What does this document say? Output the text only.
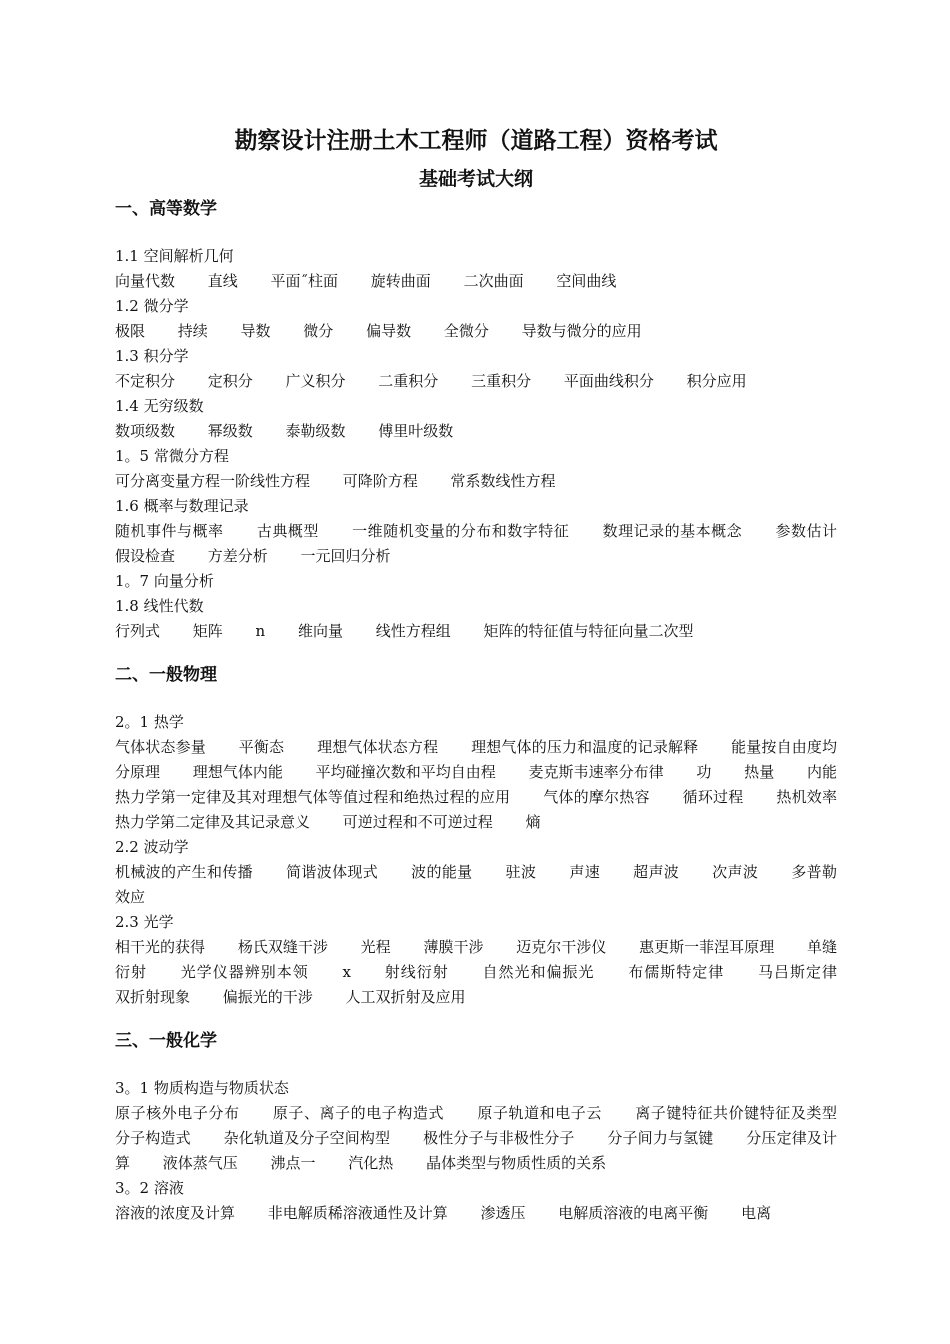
勘察设计注册土木工程师（道路工程）资格考试
基础考试大纲
一、高等数学

1.1 空间解析几何

向量代数 直线 平面˝柱面 旋转曲面 二次曲面 空间曲线

1.2 微分学

极限 持续 导数 微分 偏导数 全微分 导数与微分的应用

1.3 积分学

不定积分 定积分 广义积分 二重积分 三重积分 平面曲线积分 积分应用

1.4 无穷级数

数项级数 幂级数 泰勒级数 傅里叶级数

1。5 常微分方程

可分离变量方程一阶线性方程 可降阶方程 常系数线性方程

1.6 概率与数理记录

随机事件与概率 古典概型 一维随机变量的分布和数字特征 数理记录的基本概念 参数估计 假设检查 方差分析 一元回归分析

1。7 向量分析

1.8 线性代数

行列式 矩阵 n 维向量 线性方程组 矩阵的特征值与特征向量二次型

二、一般物理

2。1 热学

气体状态参量 平衡态 理想气体状态方程 理想气体的压力和温度的记录解释 能量按自由度均分原理 理想气体内能 平均碰撞次数和平均自由程 麦克斯韦速率分布律 功 热量 内能 热力学第一定律及其对理想气体等值过程和绝热过程的应用 气体的摩尔热容 循环过程 热机效率 热力学第二定律及其记录意义 可逆过程和不可逆过程 熵

2.2 波动学

机械波的产生和传播 简谐波体现式 波的能量 驻波 声速 超声波 次声波 多普勒效应

2.3 光学

相干光的获得 杨氏双缝干涉 光程 薄膜干涉 迈克尔干涉仪 惠更斯一菲涅耳原理 单缝衍射 光学仪器辨别本领 x 射线衍射 自然光和偏振光 布儒斯特定律 马吕斯定律 双折射现象 偏振光的干涉 人工双折射及应用

三、一般化学

3。1 物质构造与物质状态

原子核外电子分布 原子、离子的电子构造式 原子轨道和电子云 离子键特征共价键特征及类型 分子构造式 杂化轨道及分子空间构型 极性分子与非极性分子 分子间力与氢键 分压定律及计算 液体蒸气压 沸点一 汽化热 晶体类型与物质性质的关系

3。2 溶液

溶液的浓度及计算 非电解质稀溶液通性及计算 渗透压 电解质溶液的电离平衡 电离
